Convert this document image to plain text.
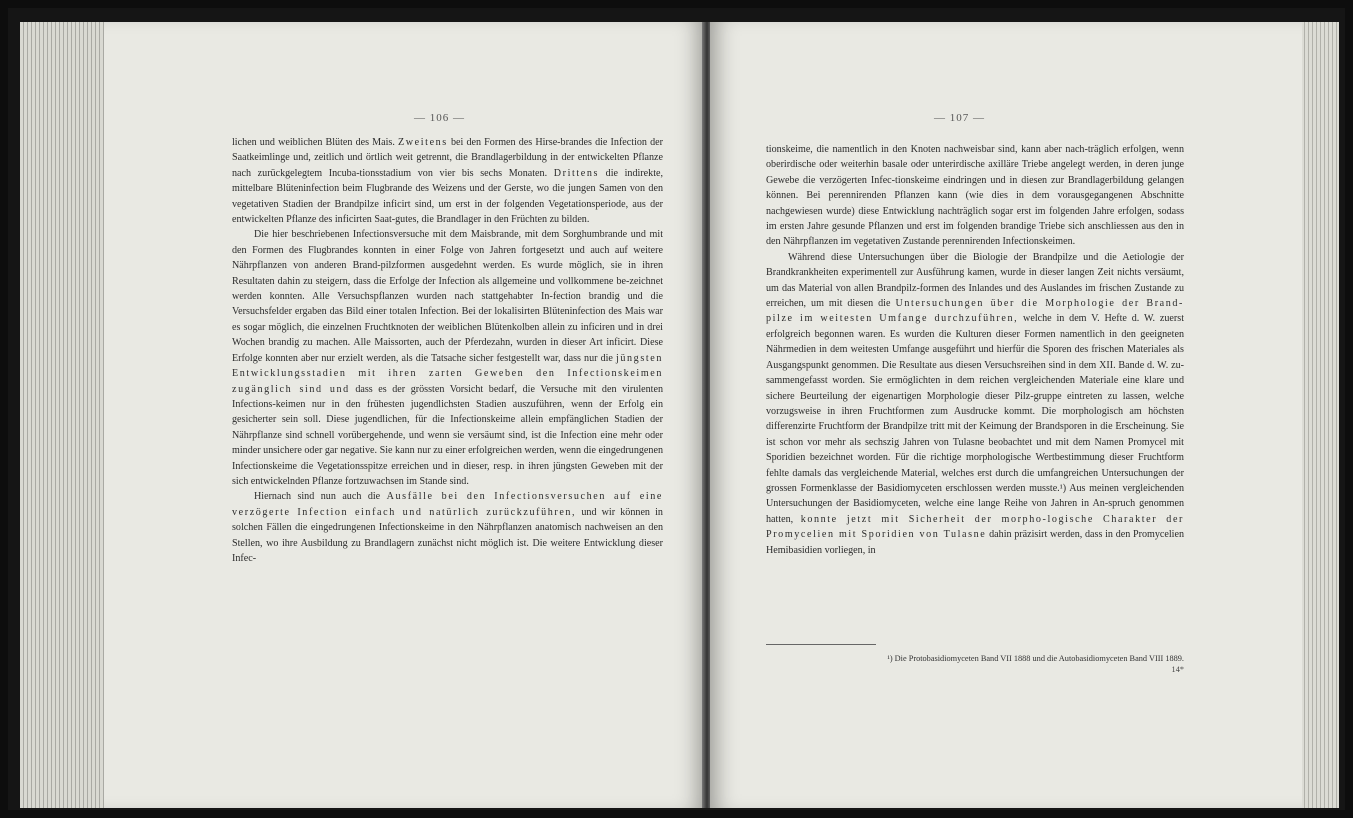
— 106 —

lichen und weiblichen Blüten des Mais. Zweitens bei den Formen des Hirse-brandes die Infection der Saatkeimlinge und, zeitlich und örtlich weit getrennt, die Brandlagerbildung in der entwickelten Pflanze nach zurückgelegtem Incuba-tionsstadium von vier bis sechs Monaten. Drittens die indirekte, mittelbare Blüteninfection beim Flugbrande des Weizens und der Gerste, wo die jungen Samen von den vegetativen Stadien der Brandpilze inficirt sind, um erst in der folgenden Vegetationsperiode, aus der entwickelten Pflanze des inficirten Saat-gutes, die Brandlager in den Früchten zu bilden.

Die hier beschriebenen Infectionsversuche mit dem Maisbrande, mit dem Sorghumbrande und mit den Formen des Flugbrandes konnten in einer Folge von Jahren fortgesetzt und auch auf weitere Nährpflanzen von anderen Brand-pilzformen ausgedehnt werden. Es wurde möglich, sie in ihren Resultaten dahin zu steigern, dass die Erfolge der Infection als allgemeine und vollkommene be-zeichnet werden konnten. Alle Versuchspflanzen wurden nach stattgehabter In-fection brandig und die Versuchsfelder ergaben das Bild einer totalen Infection. Bei der lokalisirten Blüteninfection des Mais war es sogar möglich, die einzelnen Fruchtknoten der weiblichen Blütenkolben allein zu inficiren und in drei Wochen brandig zu machen. Alle Maissorten, auch der Pferdezahn, wurden in dieser Art inficirt. Diese Erfolge konnten aber nur erzielt werden, als die Tatsache sicher festgestellt war, dass nur die jüngsten Entwicklungsstadien mit ihren zarten Geweben den Infectionskeimen zugänglich sind und dass es der grössten Vorsicht bedarf, die Versuche mit den virulenten Infections-keimen nur in den frühesten jugendlichsten Stadien auszuführen, wenn der Erfolg ein gesicherter sein soll. Diese jugendlichen, für die Infectionskeime allein empfänglichen Stadien der Nährpflanze sind schnell vorübergehende, und wenn sie versäumt sind, ist die Infection eine mehr oder minder unsichere oder gar negative. Sie kann nur zu einer erfolgreichen werden, wenn die eingedrungenen Infectionskeime die Vegetationsspitze erreichen und in dieser, resp. in ihren jüngsten Geweben mit der sich entwickelnden Pflanze fortzuwachsen im Stande sind.

Hiernach sind nun auch die Ausfälle bei den Infectionsversuchen auf eine verzögerte Infection einfach und natürlich zurückzuführen, und wir können in solchen Fällen die eingedrungenen Infectionskeime in den Nährpflanzen anatomisch nachweisen an den Stellen, wo ihre Ausbildung zu Brandlagern zunächst nicht möglich ist. Die weitere Entwicklung dieser Infec-

— 107 —

tionskeime, die namentlich in den Knoten nachweisbar sind, kann aber nach-träglich erfolgen, wenn oberirdische oder weiterhin basale oder unterirdische axilläre Triebe angelegt werden, in deren junge Gewebe die verzögerten Infec-tionskeime eindringen und in diesen zur Brandlagerbildung gelangen können. Bei perennirenden Pflanzen kann (wie dies in dem vorausgegangenen Abschnitte nachgewiesen wurde) diese Entwicklung nachträglich sogar erst im folgenden Jahre erfolgen, sodass im ersten Jahre gesunde Pflanzen und erst im folgenden brandige Triebe sich anschliessen aus den in den Nährpflanzen im vegetativen Zustande perennirenden Infectionskeimen.

Während diese Untersuchungen über die Biologie der Brandpilze und die Aetiologie der Brandkrankheiten experimentell zur Ausführung kamen, wurde in dieser langen Zeit nichts versäumt, um das Material von allen Brandpilz-formen des Inlandes und des Auslandes im frischen Zustande zu erreichen, um mit diesen die Untersuchungen über die Morphologie der Brand-pilze im weitesten Umfange durchzuführen, welche in dem V. Hefte d. W. zuerst erfolgreich begonnen waren. Es wurden die Kulturen dieser Formen namentlich in den geeigneten Nährmedien in dem weitesten Umfange ausgeführt und hierfür die Sporen des frischen Materiales als Ausgangspunkt genommen. Die Resultate aus diesen Versuchsreihen sind in dem XII. Bande d. W. zu-sammengefasst worden. Sie ermöglichten in dem reichen vergleichenden Materiale eine klare und sichere Beurteilung der eigenartigen Morphologie dieser Pilz-gruppe eintreten zu lassen, welche vorzugsweise in ihren Fruchtformen zum Ausdrucke kommt. Die morphologisch am höchsten differenzirte Fruchtform der Brandpilze tritt mit der Keimung der Brandsporen in die Erscheinung. Sie ist schon vor mehr als sechszig Jahren von Tulasne beobachtet und mit dem Namen Promycel mit Sporidien bezeichnet worden. Für die richtige morphologische Wertbestimmung dieser Fruchtform fehlte damals das vergleichende Material, welches erst durch die umfangreichen Untersuchungen der grossen Formenklasse der Basidiomyceten erschlossen werden musste.¹) Aus meinen vergleichenden Untersuchungen der Basidiomyceten, welche eine lange Reihe von Jahren in An-spruch genommen hatten, konnte jetzt mit Sicherheit der morpho-logische Charakter der Promycelien mit Sporidien von Tulasne dahin präzisirt werden, dass in den Promycelien Hemibasidien vorliegen, in

¹) Die Protobasidiomyceten Band VII 1888 und die Autobasidiomyceten Band VIII 1889.
14*
